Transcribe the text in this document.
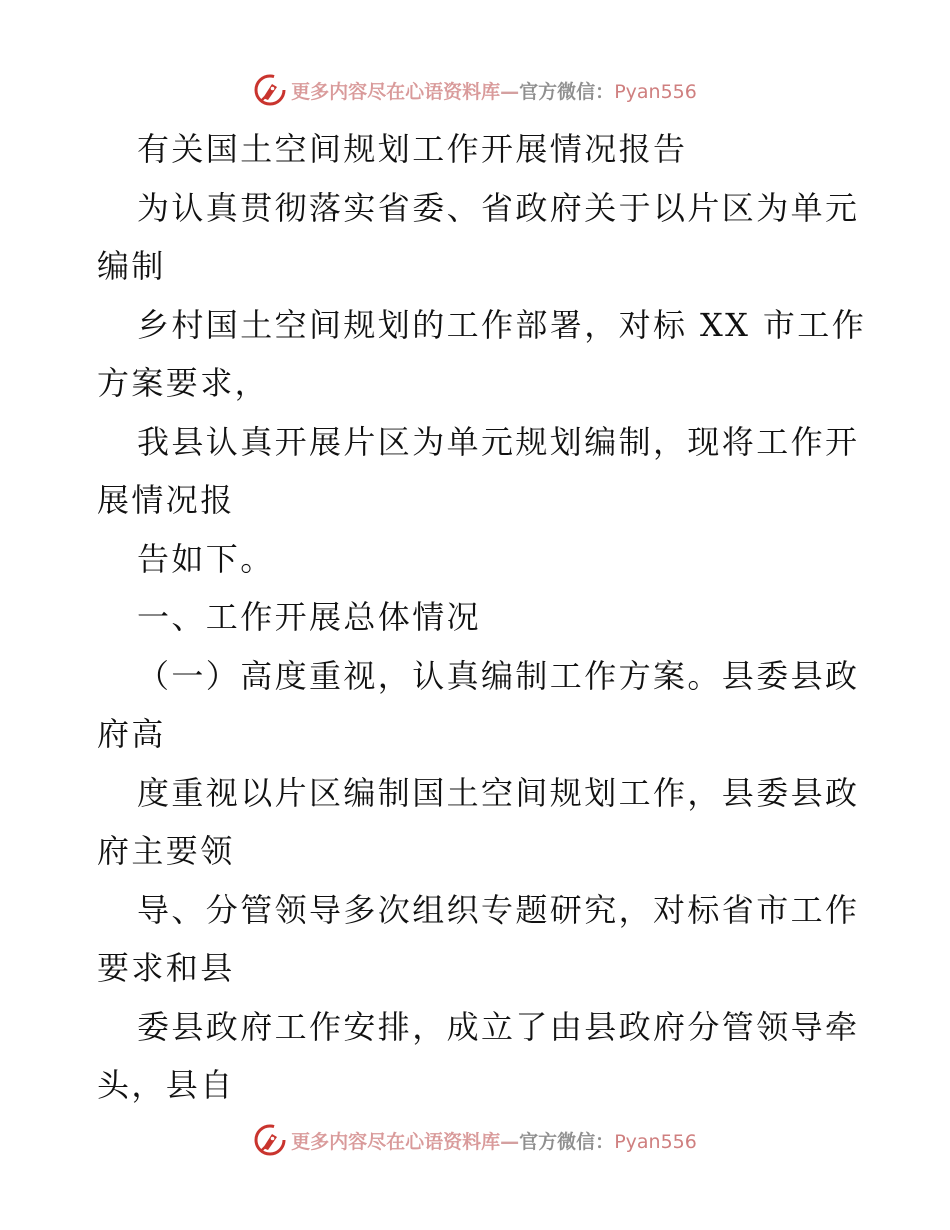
更多内容尽在心语资料库—官方微信：Pyan556
有关国土空间规划工作开展情况报告
为认真贯彻落实省委、省政府关于以片区为单元
编制
乡村国土空间规划的工作部署，对标 XX 市工作
方案要求，
我县认真开展片区为单元规划编制，现将工作开
展情况报
告如下。
一、工作开展总体情况
（一）高度重视，认真编制工作方案。县委县政
府高
度重视以片区编制国土空间规划工作，县委县政
府主要领
导、分管领导多次组织专题研究，对标省市工作
要求和县
委县政府工作安排，成立了由县政府分管领导牵
头，县自
更多内容尽在心语资料库—官方微信：Pyan556
